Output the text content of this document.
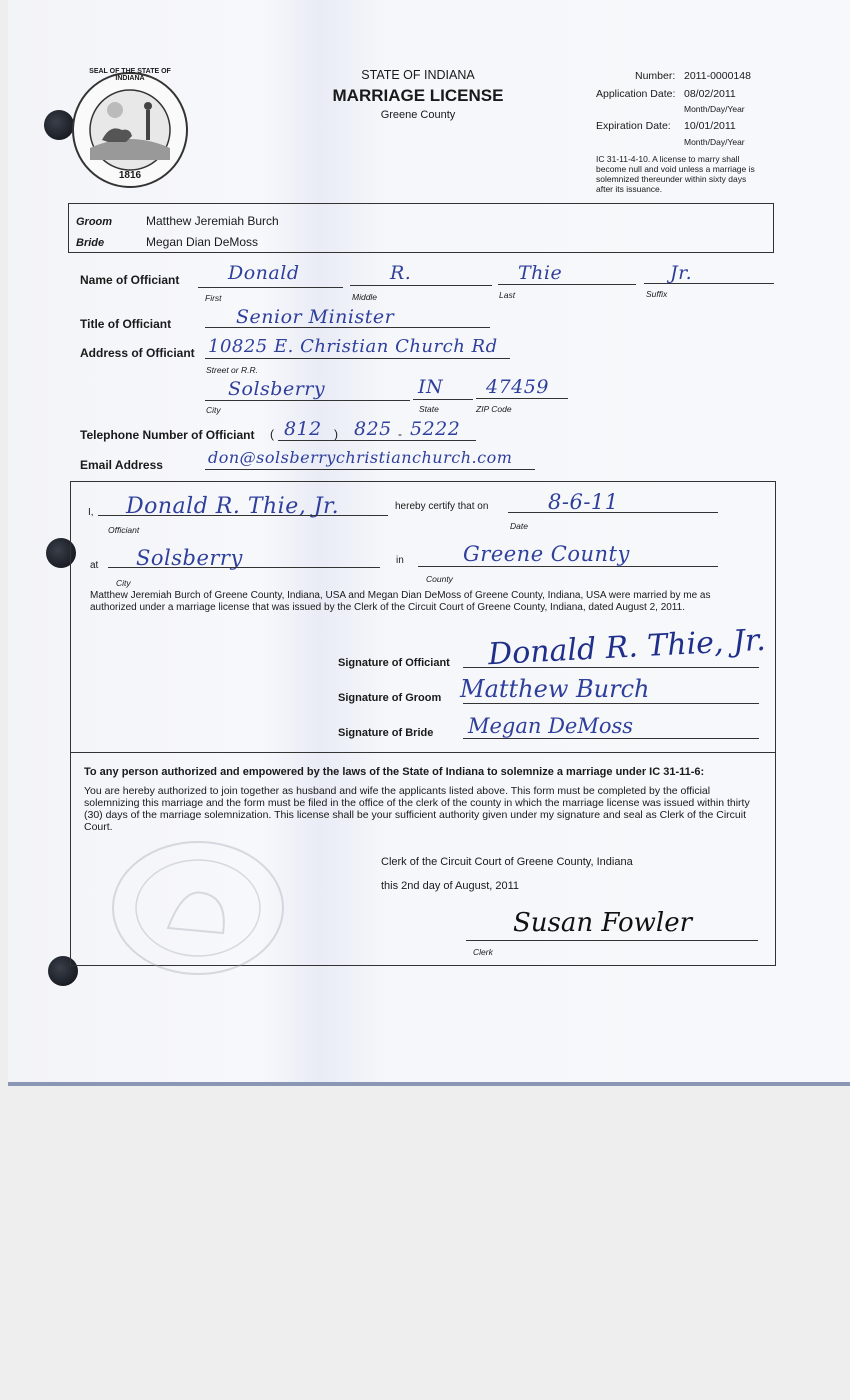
SEAL OF THE STATE OF INDIANA
1816
STATE OF INDIANA
MARRIAGE LICENSE
Greene County
Number: 2011-0000148
Application Date: 08/02/2011
Month/Day/Year
Expiration Date: 10/01/2011
Month/Day/Year
IC 31-11-4-10. A license to marry shall become null and void unless a marriage is solemnized thereunder within sixty days after its issuance.
Groom	Matthew Jeremiah Burch
Bride	Megan Dian DeMoss
Name of Officiant	Donald
First
R.
Middle
Thie
Last
Jr.
Suffix
Title of Officiant	Senior Minister
Address of Officiant 10825 E. Christian Church Rd
Street or R.R.
Solsberry
City
IN
State
47459
ZIP Code
Telephone Number of Officiant ( 812 ) 825 - 5222
Email Address	don@solsberrychristianchurch.com
I, Donald R. Thie, Jr.
Officiant
hereby certify that on	8-6-11
Date
at Solsberry
City
in	Greene County
County
Matthew Jeremiah Burch of Greene County, Indiana, USA and Megan Dian DeMoss of Greene County, Indiana, USA were married by me as authorized under a marriage license that was issued by the Clerk of the Circuit Court of Greene County, Indiana, dated August 2, 2011.
Signature of Officiant Donald R. Thie, Jr.
Signature of Groom Matthew Burch
Signature of Bride Megan DeMoss
To any person authorized and empowered by the laws of the State of Indiana to solemnize a marriage under IC 31-11-6:
You are hereby authorized to join together as husband and wife the applicants listed above. This form must be completed by the official solemnizing this marriage and the form must be filed in the office of the clerk of the county in which the marriage license was issued within thirty (30) days of the marriage solemnization. This license shall be your sufficient authority given under my signature and seal as Clerk of the Circuit Court.
Clerk of the Circuit Court of Greene County, Indiana
this 2nd day of August, 2011
Susan Fowler
Clerk
